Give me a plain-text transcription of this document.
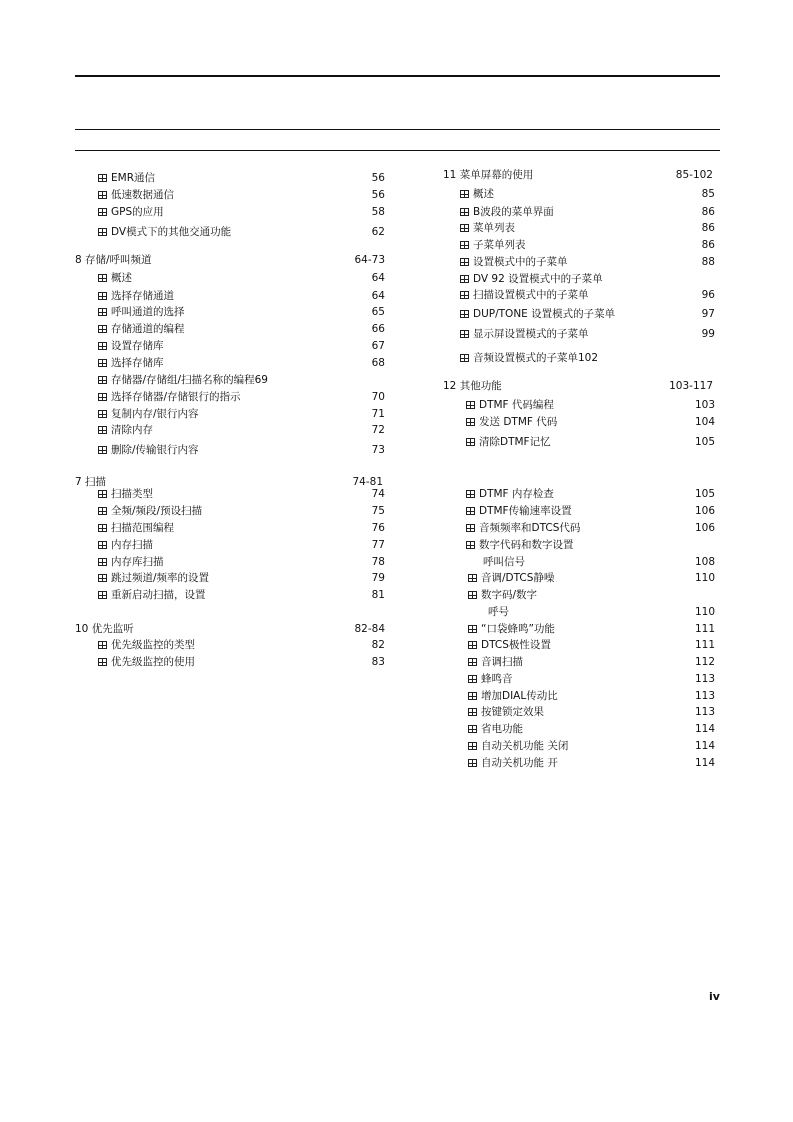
EMR通信	56
低速数据通信	56
GPS的应用	58
DV模式下的其他交通功能	62
8 存储/呼叫频道	64-73
概述	64
选择存储通道	64
呼叫通道的选择	65
存储通道的编程	66
设置存储库	67
选择存储库	68
存储器/存储组/扫描名称的编程69
选择存储器/存储银行的指示	70
复制内存/银行内容	71
清除内存	72
删除/传输银行内容	73
7 扫描	74-81
扫描类型	74
全频/频段/预设扫描	75
扫描范围编程	76
内存扫描	77
内存库扫描	78
跳过频道/频率的设置	79
重新启动扫描，设置	81
10 优先监听	82-84
优先级监控的类型	82
优先级监控的使用	83
11 菜单屏幕的使用	85-102
概述	85
B波段的菜单界面	86
菜单列表	86
子菜单列表	86
设置模式中的子菜单	88
DV 92 设置模式中的子菜单
扫描设置模式中的子菜单	96
DUP/TONE 设置模式的子菜单	97
显示屏设置模式的子菜单	99
音频设置模式的子菜单102
12 其他功能	103-117
DTMF 代码编程	103
发送 DTMF 代码	104
清除DTMF记忆	105
DTMF 内存检查	105
DTMF传输速率设置	106
音频频率和DTCS代码	106
数字代码和数字设置
呼叫信号	108
音调/DTCS静噪	110
数字码/数字
呼号	110
“口袋蜂鸣”功能	111
DTCS极性设置	111
音调扫描	112
蜂鸣音	113
增加DIAL传动比	113
按键锁定效果	113
省电功能	114
自动关机功能 关闭	114
自动关机功能 开	114
iv
